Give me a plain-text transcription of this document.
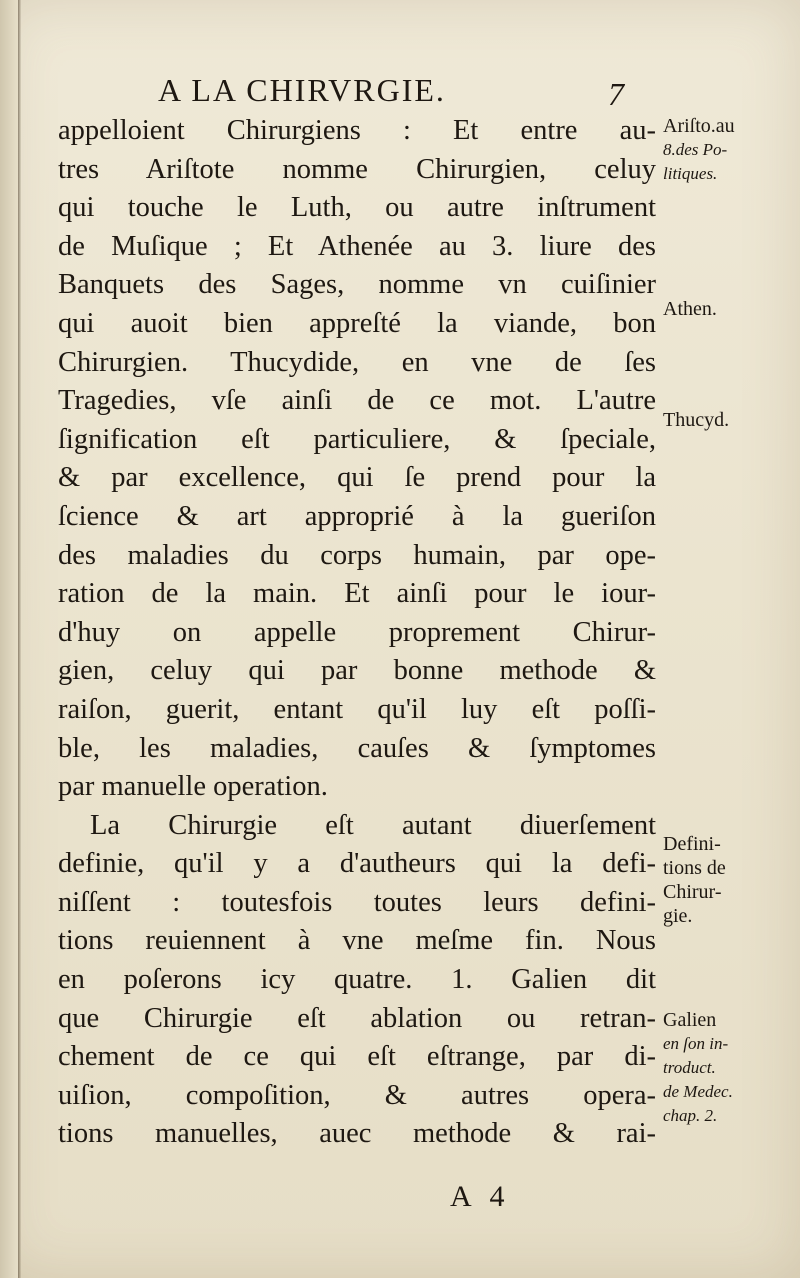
A LA CHIRVRGIE.	7
appelloient Chirurgiens : Et entre au-
tres Ariſtote nomme Chirurgien, celuy
qui touche le Luth, ou autre inſtrument
de Muſique ; Et Athenée au 3. liure des
Banquets des Sages, nomme vn cuiſinier
qui auoit bien appreſté la viande, bon
Chirurgien. Thucydide, en vne de ſes
Tragedies, vſe ainſi de ce mot. L'autre
ſignification eſt particuliere, & ſpeciale,
& par excellence, qui ſe prend pour la
ſcience & art approprié à la gueriſon
des maladies du corps humain, par ope-
ration de la main. Et ainſi pour le iour-
d'huy on appelle proprement Chirur-
gien, celuy qui par bonne methode &
raiſon, guerit, entant qu'il luy eſt poſſi-
ble, les maladies, cauſes & ſymptomes
par manuelle operation.
La Chirurgie eſt autant diuerſement
definie, qu'il y a d'autheurs qui la defi-
niſſent : toutesfois toutes leurs defini-
tions reuiennent à vne meſme fin. Nous
en poſerons icy quatre. 1. Galien dit
que Chirurgie eſt ablation ou retran-
chement de ce qui eſt eſtrange, par di-
uiſion, compoſition, & autres opera-
tions manuelles, auec methode & rai-
Ariſto.au
8.des Po-
litiques.
Athen.
Thucyd.
Defini-
tions de
Chirur-
gie.
Galien
en ſon in-
troduct.
de Medec.
chap. 2.
A 4
